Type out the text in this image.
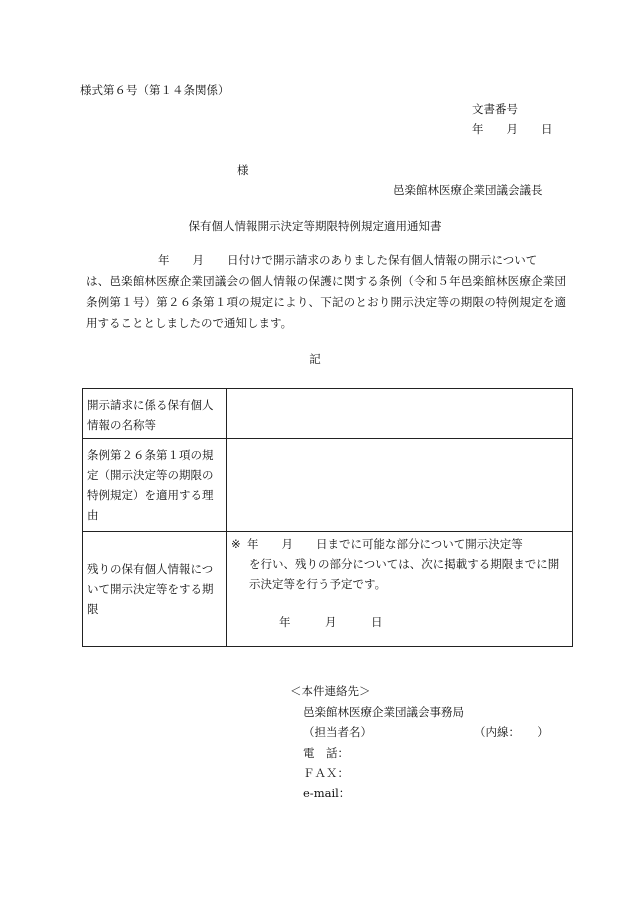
様式第６号（第１４条関係）
文書番号
年　　月　　日
様
邑楽館林医療企業団議会議長
保有個人情報開示決定等期限特例規定適用通知書
年　　月　　日付けで開示請求のありました保有個人情報の開示について
は、邑楽館林医療企業団議会の個人情報の保護に関する条例（令和５年邑楽館林医療企業団条例第１号）第２６条第１項の規定により、下記のとおり開示決定等の期限の特例規定を適用することとしましたので通知します。
記
開示請求に係る保有個人情報の名称等	
条例第２６条第１項の規定（開示決定等の期限の特例規定）を適用する理由	
残りの保有個人情報について開示決定等をする期限	※ 年　　月　　日までに可能な部分について開示決定等
を行い、残りの部分については、次に掲載する期限までに開示決定等を行う予定です。
年　　　月　　　日
＜本件連絡先＞
邑楽館林医療企業団議会事務局
（担当者名）	（内線：　　）
電　話：
ＦＡＸ：
e-mail：
